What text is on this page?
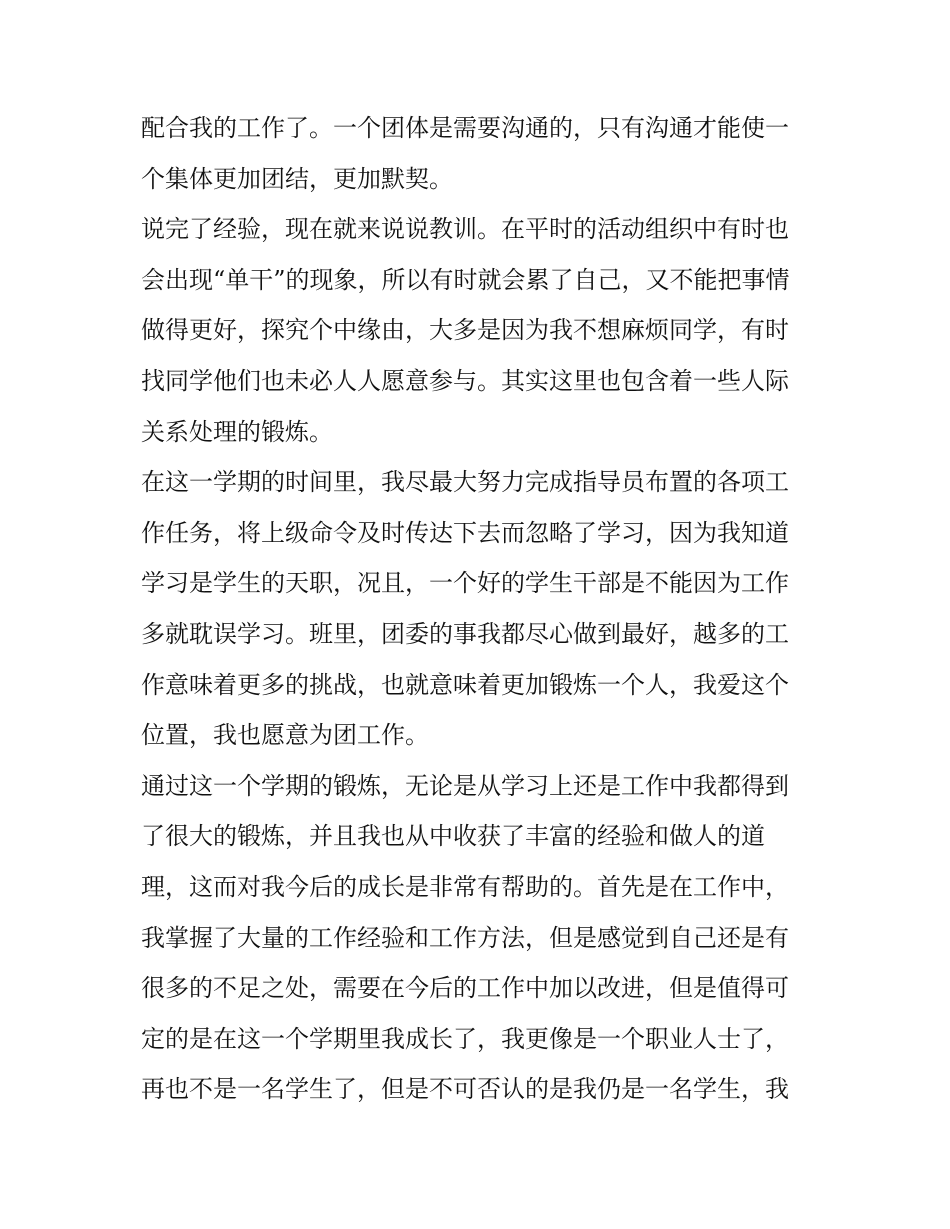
配合我的工作了。一个团体是需要沟通的，只有沟通才能使一
个集体更加团结，更加默契。
说完了经验，现在就来说说教训。在平时的活动组织中有时也
会出现“单干”的现象，所以有时就会累了自己，又不能把事情
做得更好，探究个中缘由，大多是因为我不想麻烦同学，有时
找同学他们也未必人人愿意参与。其实这里也包含着一些人际
关系处理的锻炼。
在这一学期的时间里，我尽最大努力完成指导员布置的各项工
作任务，将上级命令及时传达下去而忽略了学习，因为我知道
学习是学生的天职，况且，一个好的学生干部是不能因为工作
多就耽误学习。班里，团委的事我都尽心做到最好，越多的工
作意味着更多的挑战，也就意味着更加锻炼一个人，我爱这个
位置，我也愿意为团工作。
通过这一个学期的锻炼，无论是从学习上还是工作中我都得到
了很大的锻炼，并且我也从中收获了丰富的经验和做人的道
理，这而对我今后的成长是非常有帮助的。首先是在工作中，
我掌握了大量的工作经验和工作方法，但是感觉到自己还是有
很多的不足之处，需要在今后的工作中加以改进，但是值得可
定的是在这一个学期里我成长了，我更像是一个职业人士了，
再也不是一名学生了，但是不可否认的是我仍是一名学生，我
